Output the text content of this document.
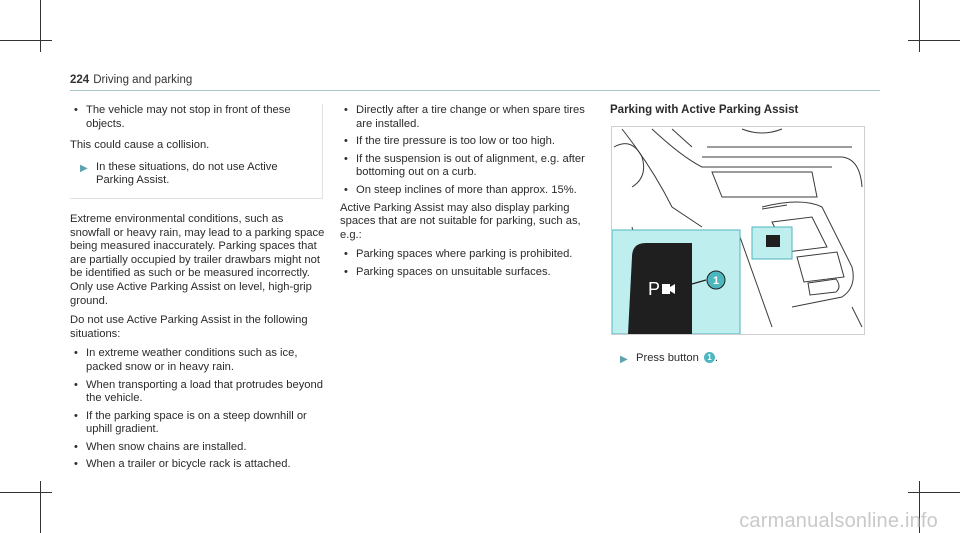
224 Driving and parking
• The vehicle may not stop in front of these objects.

This could cause a collision.

▶ In these situations, do not use Active Parking Assist.

Extreme environmental conditions, such as snowfall or heavy rain, may lead to a parking space being measured inaccurately. Parking spaces that are partially occupied by trailer drawbars might not be identified as such or be measured incorrectly. Only use Active Parking Assist on level, high-grip ground.

Do not use Active Parking Assist in the following situations:

• In extreme weather conditions such as ice, packed snow or in heavy rain.
• When transporting a load that protrudes beyond the vehicle.
• If the parking space is on a steep downhill or uphill gradient.
• When snow chains are installed.
• When a trailer or bicycle rack is attached.
• Directly after a tire change or when spare tires are installed.
• If the tire pressure is too low or too high.
• If the suspension is out of alignment, e.g. after bottoming out on a curb.
• On steep inclines of more than approx. 15%.

Active Parking Assist may also display parking spaces that are not suitable for parking, such as, e.g.:

• Parking spaces where parking is prohibited.
• Parking spaces on unsuitable surfaces.
Parking with Active Parking Assist
P	1
▶ Press button 1 .
carmanualsonline.info
